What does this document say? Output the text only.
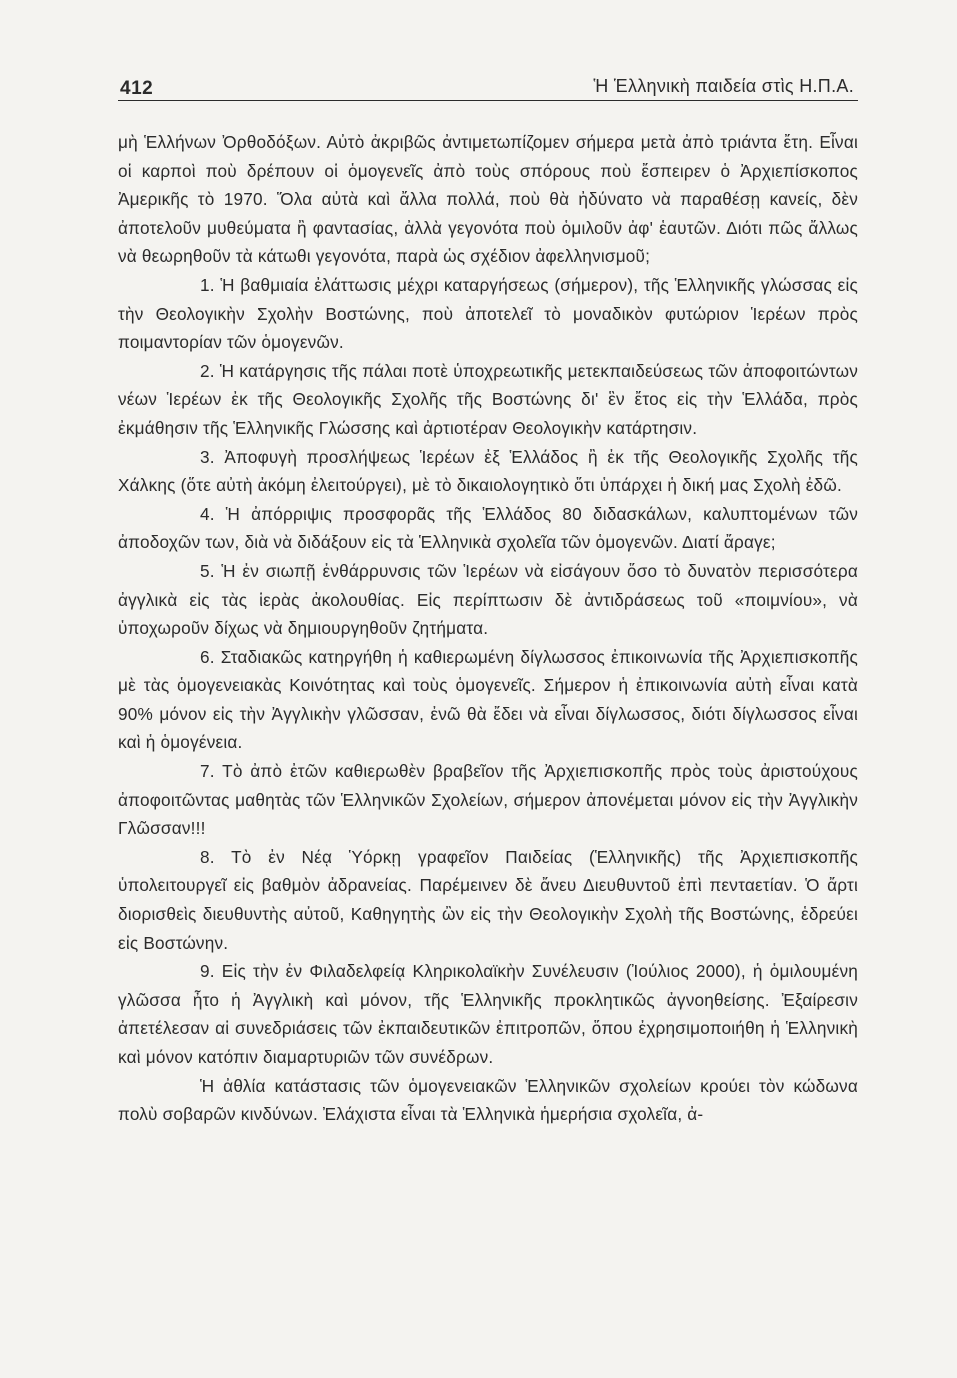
412	Ἡ Ἑλληνικὴ παιδεία στὶς Η.Π.Α.

μὴ Ἑλλήνων Ὀρθοδόξων. Αὐτὸ ἀκριβῶς ἀντιμετωπίζομεν σήμερα μετὰ ἀπὸ τριάντα ἔτη. Εἶναι οἱ καρποὶ ποὺ δρέπουν οἱ ὁμογενεῖς ἀπὸ τοὺς σπόρους ποὺ ἔσπειρεν ὁ Ἀρχιεπίσκοπος Ἀμερικῆς τὸ 1970. Ὅλα αὐτὰ καὶ ἄλλα πολλά, ποὺ θὰ ἠδύνατο νὰ παραθέσῃ κανείς, δὲν ἀποτελοῦν μυθεύματα ἢ φαντασίας, ἀλλὰ γεγονότα ποὺ ὁμιλοῦν ἀφ' ἑαυτῶν. Διότι πῶς ἄλλως νὰ θεωρηθοῦν τὰ κάτωθι γεγονότα, παρὰ ὡς σχέδιον ἀφελληνισμοῦ;

1. Ἡ βαθμιαία ἐλάττωσις μέχρι καταργήσεως (σήμερον), τῆς Ἑλληνικῆς γλώσσας εἰς τὴν Θεολογικὴν Σχολὴν Βοστώνης, ποὺ ἀποτελεῖ τὸ μοναδικὸν φυτώριον Ἱερέων πρὸς ποιμαντορίαν τῶν ὁμογενῶν.

2. Ἡ κατάργησις τῆς πάλαι ποτὲ ὑποχρεωτικῆς μετεκπαιδεύσεως τῶν ἀποφοιτώντων νέων Ἱερέων ἐκ τῆς Θεολογικῆς Σχολῆς τῆς Βοστώνης δι' ἓν ἔτος εἰς τὴν Ἑλλάδα, πρὸς ἐκμάθησιν τῆς Ἑλληνικῆς Γλώσσης καὶ ἀρτιοτέραν Θεολογικὴν κατάρτησιν.

3. Ἀποφυγὴ προσλήψεως Ἱερέων ἐξ Ἑλλάδος ἢ ἐκ τῆς Θεολογικῆς Σχολῆς τῆς Χάλκης (ὅτε αὐτὴ ἀκόμη ἐλειτούργει), μὲ τὸ δικαιολογητικὸ ὅτι ὑπάρχει ἡ δική μας Σχολὴ ἐδῶ.

4. Ἡ ἀπόρριψις προσφορᾶς τῆς Ἑλλάδος 80 διδασκάλων, καλυπτομένων τῶν ἀποδοχῶν των, διὰ νὰ διδάξουν εἰς τὰ Ἑλληνικὰ σχολεῖα τῶν ὁμογενῶν. Διατί ἄραγε;

5. Ἡ ἐν σιωπῇ ἐνθάρρυνσις τῶν Ἱερέων νὰ εἰσάγουν ὅσο τὸ δυνατὸν περισσότερα ἀγγλικὰ εἰς τὰς ἱερὰς ἀκολουθίας. Εἰς περίπτωσιν δὲ ἀντιδράσεως τοῦ «ποιμνίου», νὰ ὑποχωροῦν δίχως νὰ δημιουργηθοῦν ζητήματα.

6. Σταδιακῶς κατηργήθη ἡ καθιερωμένη δίγλωσσος ἐπικοινωνία τῆς Ἀρχιεπισκοπῆς μὲ τὰς ὁμογενειακὰς Κοινότητας καὶ τοὺς ὁμογενεῖς. Σήμερον ἡ ἐπικοινωνία αὐτὴ εἶναι κατὰ 90% μόνον εἰς τὴν Ἀγγλικὴν γλῶσσαν, ἐνῶ θὰ ἔδει νὰ εἶναι δίγλωσσος, διότι δίγλωσσος εἶναι καὶ ἡ ὁμογένεια.

7. Τὸ ἀπὸ ἐτῶν καθιερωθὲν βραβεῖον τῆς Ἀρχιεπισκοπῆς πρὸς τοὺς ἀριστούχους ἀποφοιτῶντας μαθητὰς τῶν Ἑλληνικῶν Σχολείων, σήμερον ἀπονέμεται μόνον εἰς τὴν Ἀγγλικὴν Γλῶσσαν!!!

8. Τὸ ἐν Νέᾳ Ὑόρκῃ γραφεῖον Παιδείας (Ἑλληνικῆς) τῆς Ἀρχιεπισκοπῆς ὑπολειτουργεῖ εἰς βαθμὸν ἀδρανείας. Παρέμεινεν δὲ ἄνευ Διευθυντοῦ ἐπὶ πενταετίαν. Ὁ ἄρτι διορισθεὶς διευθυντὴς αὐτοῦ, Καθηγητὴς ὢν εἰς τὴν Θεολογικὴν Σχολὴ τῆς Βοστώνης, ἑδρεύει εἰς Βοστώνην.

9. Εἰς τὴν ἐν Φιλαδελφείᾳ Κληρικολαϊκὴν Συνέλευσιν (Ἰούλιος 2000), ἡ ὁμιλουμένη γλῶσσα ἦτο ἡ Ἀγγλικὴ καὶ μόνον, τῆς Ἑλληνικῆς προκλητικῶς ἀγνοηθείσης. Ἐξαίρεσιν ἀπετέλεσαν αἱ συνεδριάσεις τῶν ἐκπαιδευτικῶν ἐπιτροπῶν, ὅπου ἐχρησιμοποιήθη ἡ Ἑλληνικὴ καὶ μόνον κατόπιν διαμαρτυριῶν τῶν συνέδρων.

Ἡ ἀθλία κατάστασις τῶν ὁμογενειακῶν Ἑλληνικῶν σχολείων κρούει τὸν κώδωνα πολὺ σοβαρῶν κινδύνων. Ἐλάχιστα εἶναι τὰ Ἑλληνικὰ ἡμερήσια σχολεῖα, ἀ-
